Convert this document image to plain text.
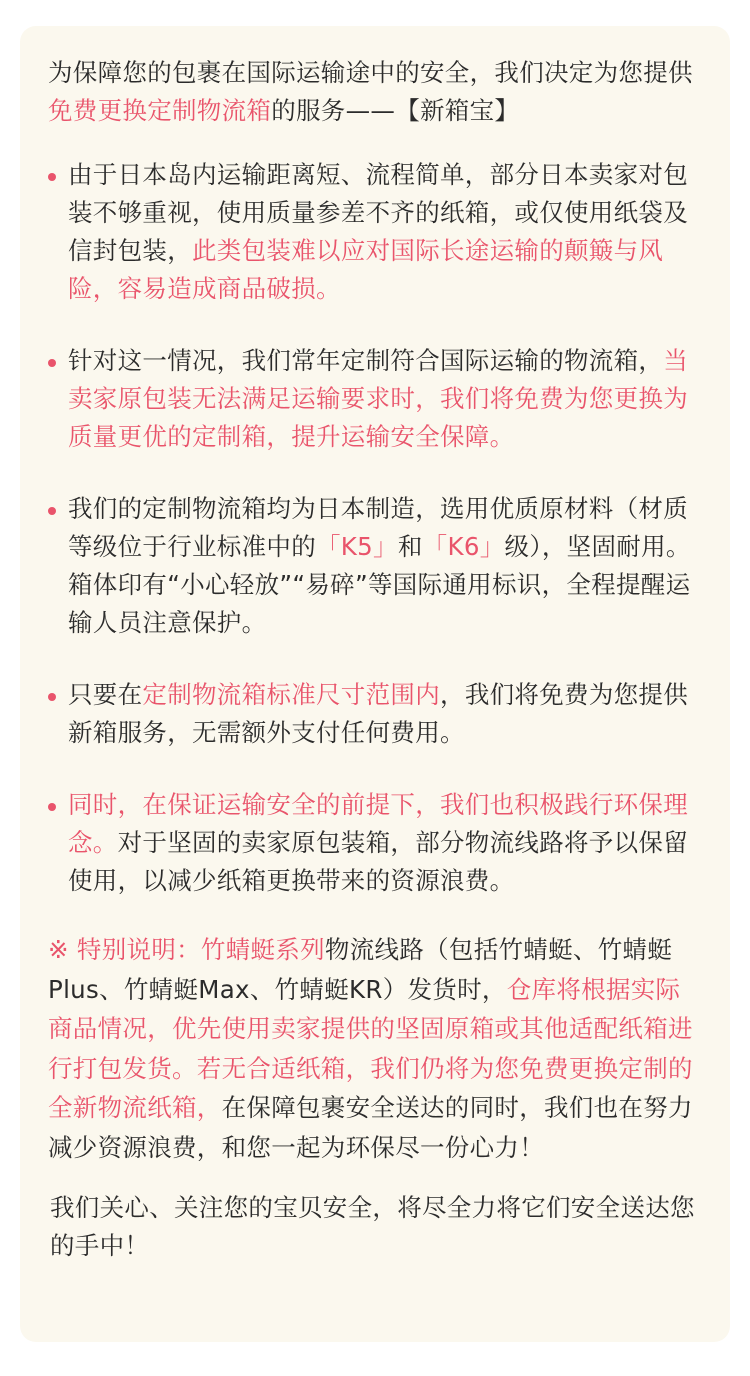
为保障您的包裹在国际运输途中的安全，我们决定为您提供免费更换定制物流箱的服务——【新箱宝】

由于日本岛内运输距离短、流程简单，部分日本卖家对包装不够重视，使用质量参差不齐的纸箱，或仅使用纸袋及信封包装，此类包装难以应对国际长途运输的颠簸与风险，容易造成商品破损。

针对这一情况，我们常年定制符合国际运输的物流箱，当卖家原包装无法满足运输要求时，我们将免费为您更换为质量更优的定制箱，提升运输安全保障。

我们的定制物流箱均为日本制造，选用优质原材料（材质等级位于行业标准中的「K5」和「K6」级），坚固耐用。箱体印有“小心轻放”“易碎”等国际通用标识，全程提醒运输人员注意保护。

只要在定制物流箱标准尺寸范围内，我们将免费为您提供新箱服务，无需额外支付任何费用。

同时，在保证运输安全的前提下，我们也积极践行环保理念。对于坚固的卖家原包装箱，部分物流线路将予以保留使用，以减少纸箱更换带来的资源浪费。

※ 特别说明：竹蜻蜓系列物流线路（包括竹蜻蜓、竹蜻蜓Plus、竹蜻蜓Max、竹蜻蜓KR）发货时，仓库将根据实际商品情况，优先使用卖家提供的坚固原箱或其他适配纸箱进行打包发货。若无合适纸箱，我们仍将为您免费更换定制的全新物流纸箱，在保障包裹安全送达的同时，我们也在努力减少资源浪费，和您一起为环保尽一份心力！

我们关心、关注您的宝贝安全，将尽全力将它们安全送达您的手中！
